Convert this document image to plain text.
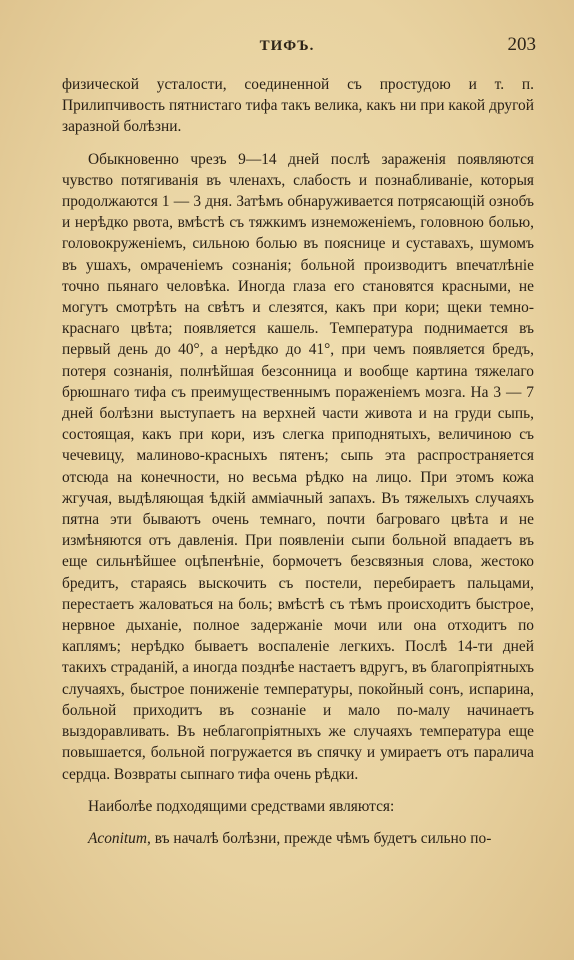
ТИФЪ.	203

физической усталости, соединенной съ простудою и т. п. Прилипчивость пятнистаго тифа такъ велика, какъ ни при какой другой заразной болѣзни.

Обыкновенно чрезъ 9—14 дней послѣ зараженія появляются чувство потягиванія въ членахъ, слабость и познабливаніе, которыя продолжаются 1 — 3 дня. Затѣмъ обнаруживается потрясающій ознобъ и нерѣдко рвота, вмѣстѣ съ тяжкимъ изнеможеніемъ, головною болью, головокруженіемъ, сильною болью въ пояснице и суставахъ, шумомъ въ ушахъ, омраченіемъ сознанія; больной производитъ впечатлѣніе точно пьянаго человѣка. Иногда глаза его становятся красными, не могутъ смотрѣть на свѣтъ и слезятся, какъ при кори; щеки темно-краснаго цвѣта; появляется кашель. Температура поднимается въ первый день до 40°, а нерѣдко до 41°, при чемъ появляется бредъ, потеря сознанія, полнѣйшая безсонница и вообще картина тяжелаго брюшнаго тифа съ преимущественнымъ пораженіемъ мозга. На 3 — 7 дней болѣзни выступаетъ на верхней части живота и на груди сыпь, состоящая, какъ при кори, изъ слегка приподнятыхъ, величиною съ чечевицу, малиново-красныхъ пятенъ; сыпь эта распространяется отсюда на конечности, но весьма рѣдко на лицо. При этомъ кожа жгучая, выдѣляющая ѣдкій амміачный запахъ. Въ тяжелыхъ случаяхъ пятна эти бываютъ очень темнаго, почти багроваго цвѣта и не измѣняются отъ давленія. При появленіи сыпи больной впадаетъ въ еще сильнѣйшее оцѣпенѣніе, бормочетъ безсвязныя слова, жестоко бредитъ, стараясь выскочить съ постели, перебираетъ пальцами, перестаетъ жаловаться на боль; вмѣстѣ съ тѣмъ происходитъ быстрое, нервное дыханіе, полное задержаніе мочи или она отходитъ по каплямъ; нерѣдко бываетъ воспаленіе легкихъ. Послѣ 14-ти дней такихъ страданій, а иногда позднѣе настаетъ вдругъ, въ благопріятныхъ случаяхъ, быстрое пониженіе температуры, покойный сонъ, испарина, больной приходитъ въ сознаніе и мало по-малу начинаетъ выздоравливать. Въ неблагопріятныхъ же случаяхъ температура еще повышается, больной погружается въ спячку и умираетъ отъ паралича сердца. Возвраты сыпнаго тифа очень рѣдки.

Наиболѣе подходящими средствами являются:

Aconitum, въ началѣ болѣзни, прежде чѣмъ будетъ сильно по-
